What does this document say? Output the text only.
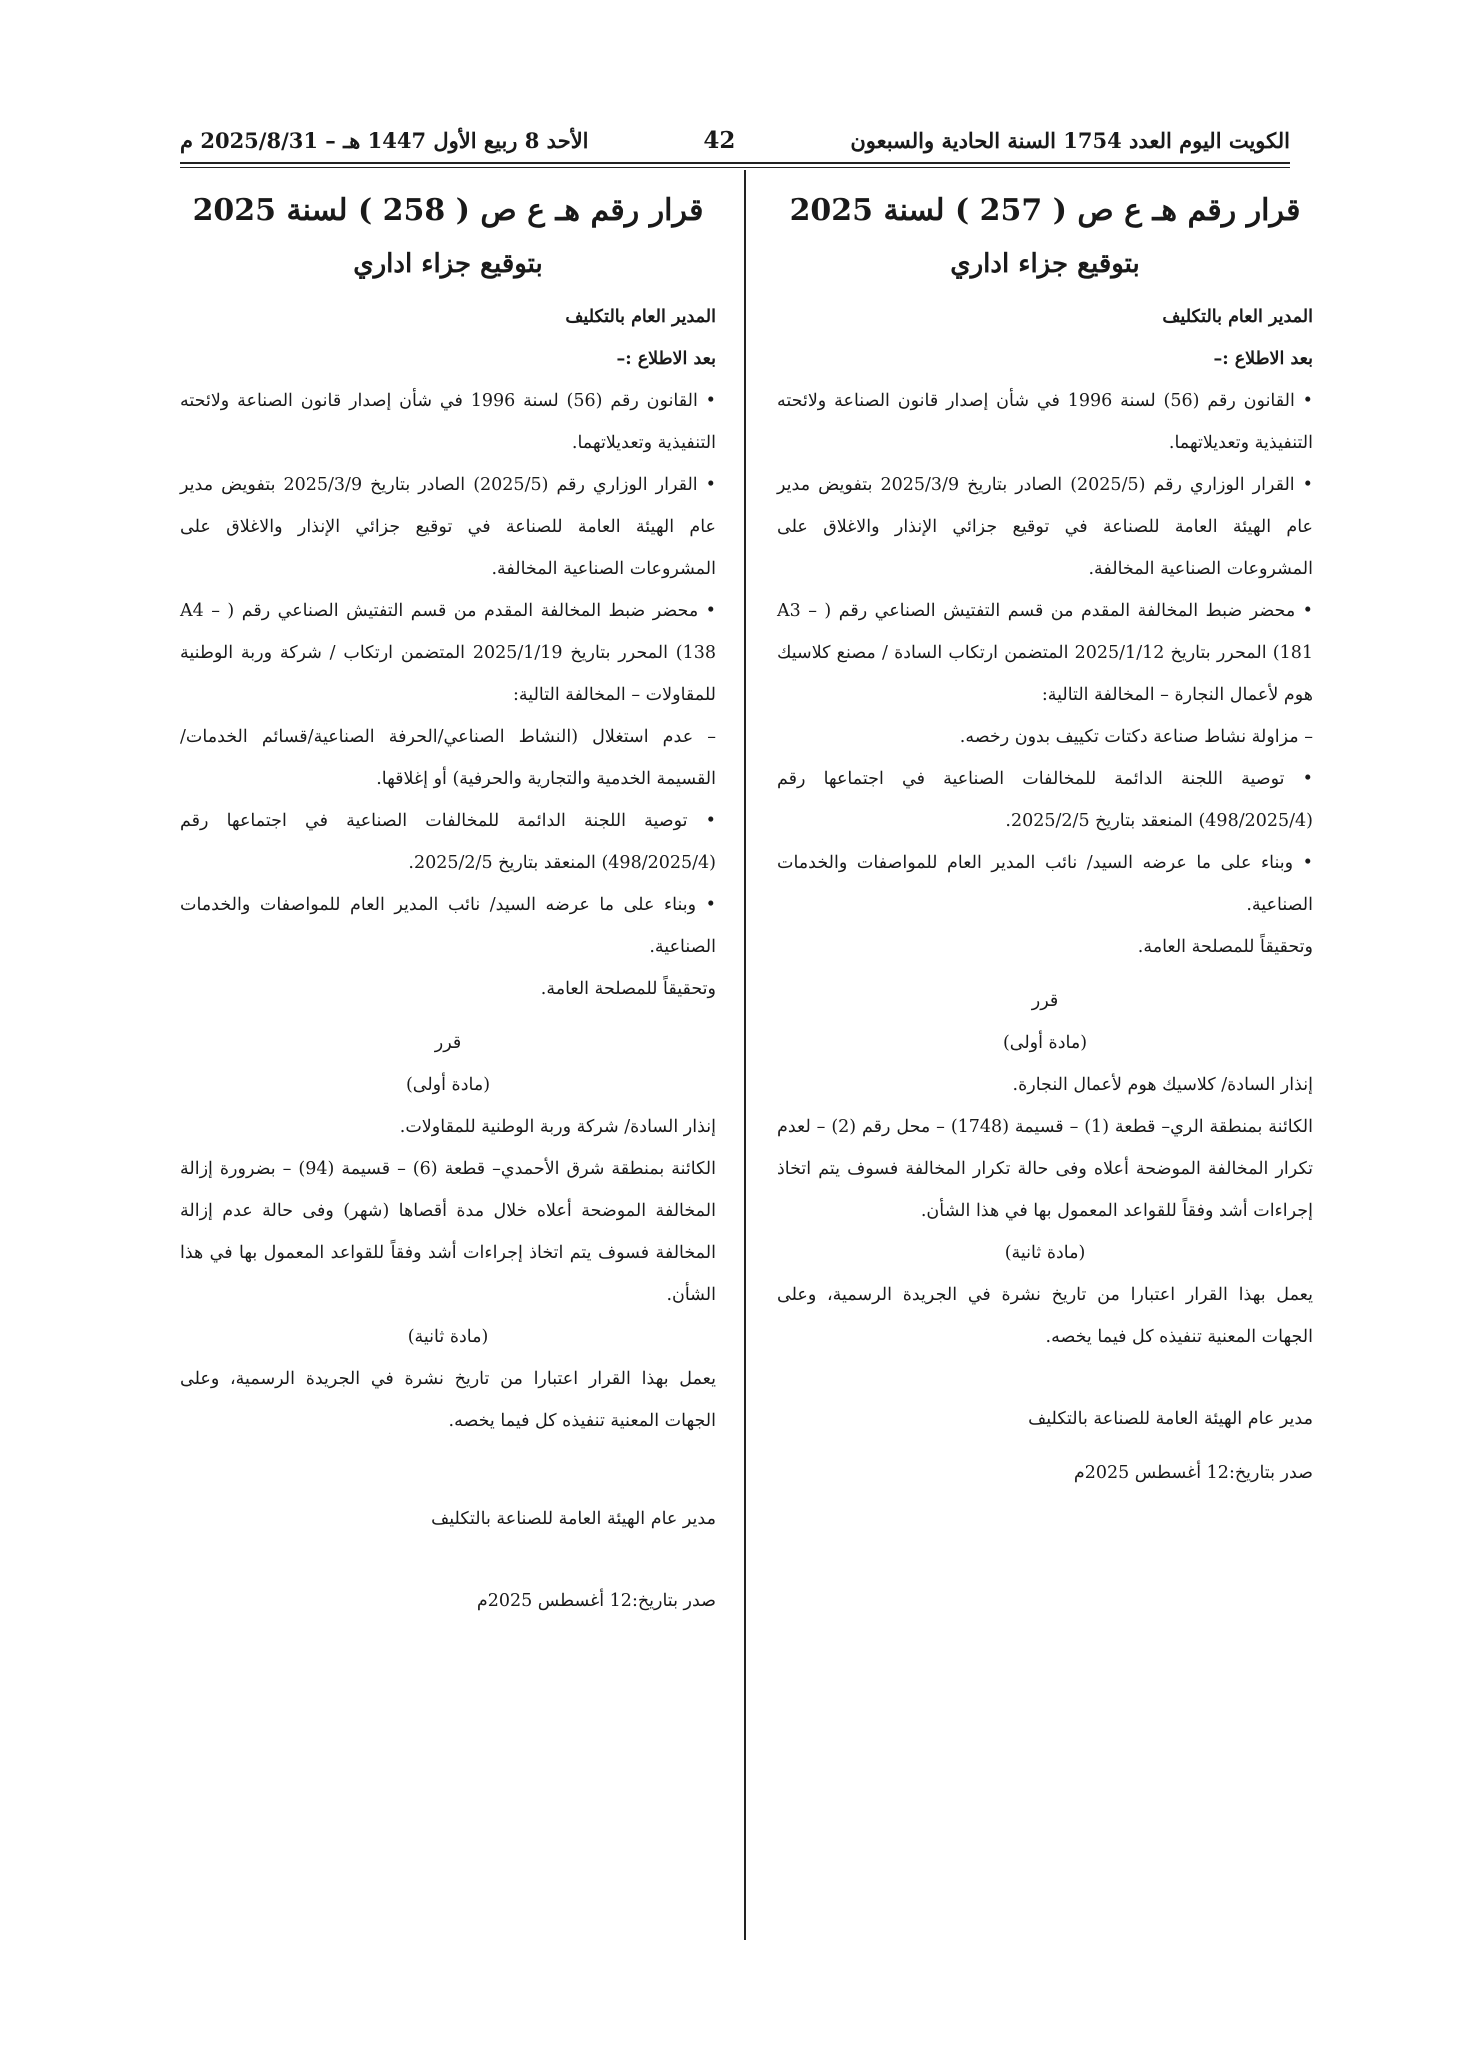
الكويت اليوم العدد 1754 السنة الحادية والسبعون
42
الأحد 8 ربيع الأول 1447 هـ – 2025/8/31 م
قرار رقم هـ ع ص ( 257 ) لسنة 2025
بتوقيع جزاء اداري

المدير العام بالتكليف

بعد الاطلاع :–

• القانون رقم (56) لسنة 1996 في شأن إصدار قانون الصناعة ولائحته التنفيذية وتعديلاتهما.

• القرار الوزاري رقم (2025/5) الصادر بتاريخ 2025/3/9 بتفويض مدير عام الهيئة العامة للصناعة في توقيع جزائي الإنذار والاغلاق على المشروعات الصناعية المخالفة.

• محضر ضبط المخالفة المقدم من قسم التفتيش الصناعي رقم ( A3 –181) المحرر بتاريخ 2025/1/12 المتضمن ارتكاب السادة / مصنع كلاسيك هوم لأعمال النجارة – المخالفة التالية:

– مزاولة نشاط صناعة دكتات تكييف بدون رخصه.

• توصية اللجنة الدائمة للمخالفات الصناعية في اجتماعها رقم (498/2025/4) المنعقد بتاريخ 2025/2/5.

• وبناء على ما عرضه السيد/ نائب المدير العام للمواصفات والخدمات الصناعية.

وتحقيقاً للمصلحة العامة.

قرر

(مادة أولى)

إنذار السادة/ كلاسيك هوم لأعمال النجارة.

الكائنة بمنطقة الري– قطعة (1) – قسيمة (1748) – محل رقم (2) – لعدم تكرار المخالفة الموضحة أعلاه وفى حالة تكرار المخالفة فسوف يتم اتخاذ إجراءات أشد وفقاً للقواعد المعمول بها في هذا الشأن.

(مادة ثانية)

يعمل بهذا القرار اعتبارا من تاريخ نشرة في الجريدة الرسمية، وعلى الجهات المعنية تنفيذه كل فيما يخصه.

مدير عام الهيئة العامة للصناعة بالتكليف

صدر بتاريخ:12 أغسطس 2025م

قرار رقم هـ ع ص ( 258 ) لسنة 2025
بتوقيع جزاء اداري

المدير العام بالتكليف

بعد الاطلاع :–

• القانون رقم (56) لسنة 1996 في شأن إصدار قانون الصناعة ولائحته التنفيذية وتعديلاتهما.

• القرار الوزاري رقم (2025/5) الصادر بتاريخ 2025/3/9 بتفويض مدير عام الهيئة العامة للصناعة في توقيع جزائي الإنذار والاغلاق على المشروعات الصناعية المخالفة.

• محضر ضبط المخالفة المقدم من قسم التفتيش الصناعي رقم ( A4 –138) المحرر بتاريخ 2025/1/19 المتضمن ارتكاب / شركة وربة الوطنية للمقاولات – المخالفة التالية:

– عدم استغلال (النشاط الصناعي/الحرفة الصناعية/قسائم الخدمات/القسيمة الخدمية والتجارية والحرفية) أو إغلاقها.

• توصية اللجنة الدائمة للمخالفات الصناعية في اجتماعها رقم (498/2025/4) المنعقد بتاريخ 2025/2/5.

• وبناء على ما عرضه السيد/ نائب المدير العام للمواصفات والخدمات الصناعية.

وتحقيقاً للمصلحة العامة.

قرر

(مادة أولى)

إنذار السادة/ شركة وربة الوطنية للمقاولات.

الكائنة بمنطقة شرق الأحمدي– قطعة (6) – قسيمة (94) – بضرورة إزالة المخالفة الموضحة أعلاه خلال مدة أقصاها (شهر) وفى حالة عدم إزالة المخالفة فسوف يتم اتخاذ إجراءات أشد وفقاً للقواعد المعمول بها في هذا الشأن.

(مادة ثانية)

يعمل بهذا القرار اعتبارا من تاريخ نشرة في الجريدة الرسمية، وعلى الجهات المعنية تنفيذه كل فيما يخصه.

مدير عام الهيئة العامة للصناعة بالتكليف

صدر بتاريخ:12 أغسطس 2025م
